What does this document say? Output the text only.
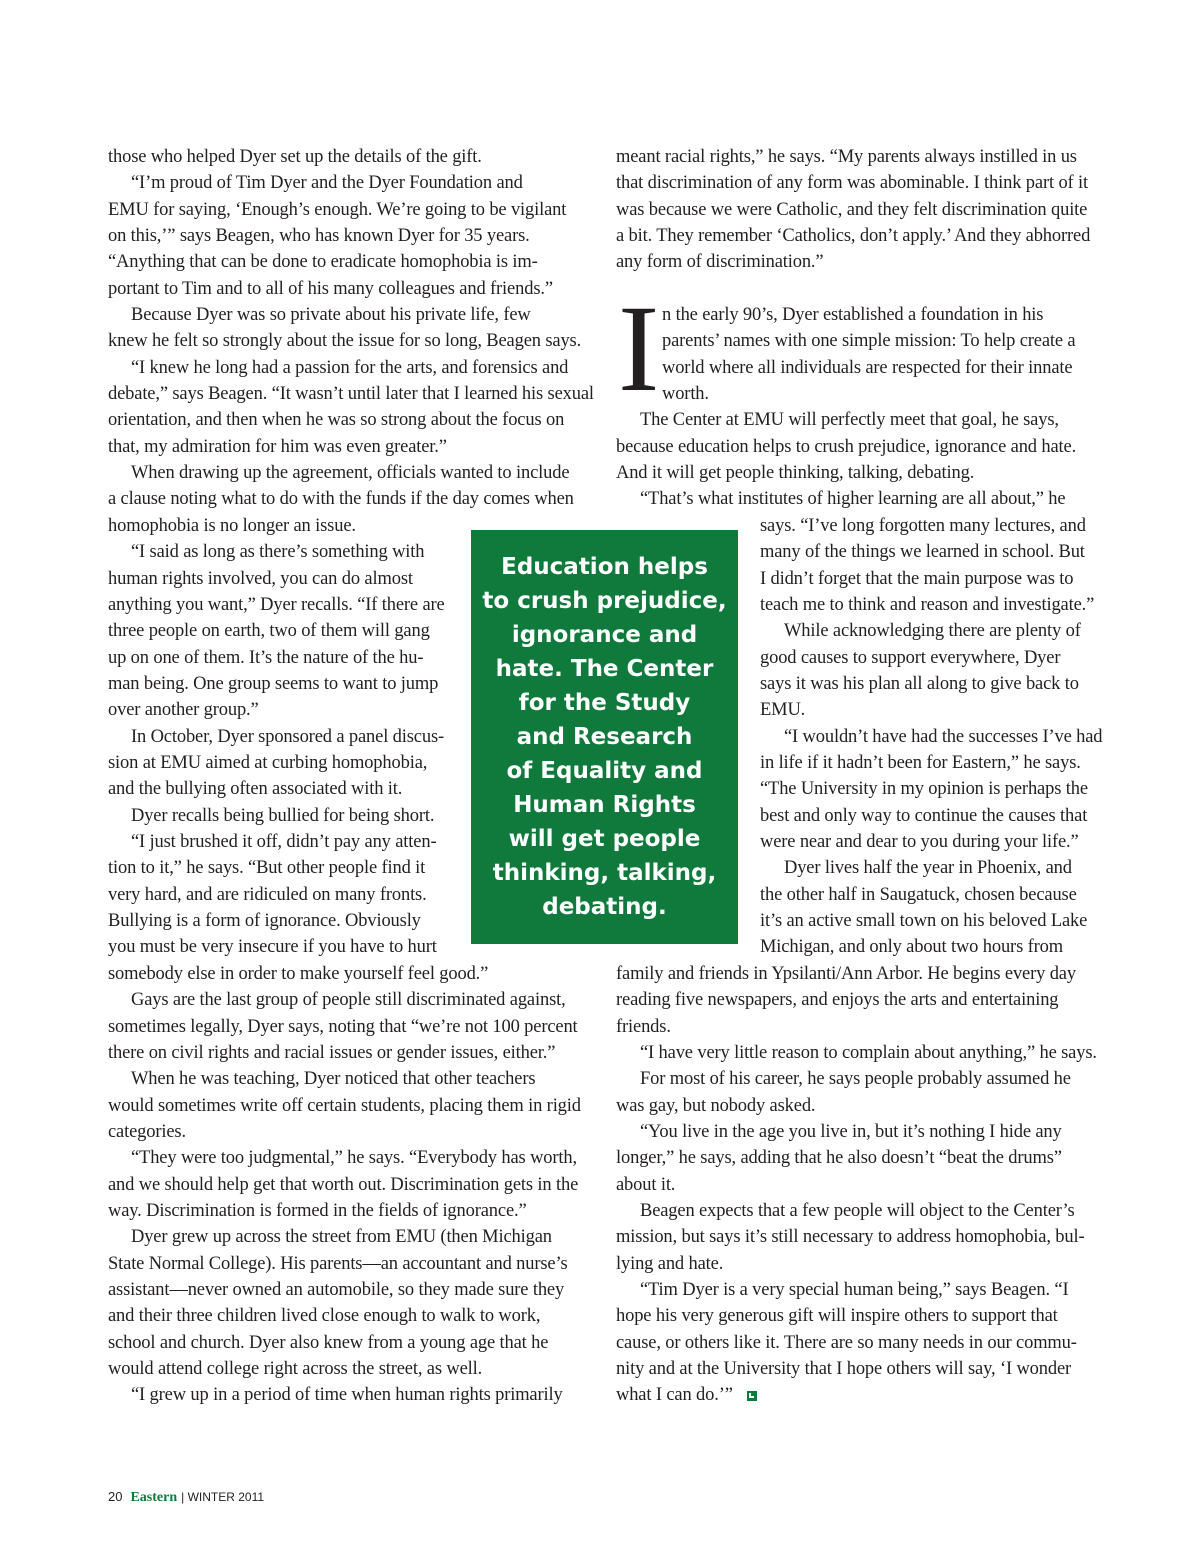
those who helped Dyer set up the details of the gift.
“I’m proud of Tim Dyer and the Dyer Foundation and
EMU for saying, ‘Enough’s enough. We’re going to be vigilant
on this,’” says Beagen, who has known Dyer for 35 years.
“Anything that can be done to eradicate homophobia is im-
portant to Tim and to all of his many colleagues and friends.”
Because Dyer was so private about his private life, few
knew he felt so strongly about the issue for so long, Beagen says.
“I knew he long had a passion for the arts, and forensics and
debate,” says Beagen. “It wasn’t until later that I learned his sexual
orientation, and then when he was so strong about the focus on
that, my admiration for him was even greater.”
When drawing up the agreement, officials wanted to include
a clause noting what to do with the funds if the day comes when
homophobia is no longer an issue.
“I said as long as there’s something with
human rights involved, you can do almost
anything you want,” Dyer recalls. “If there are
three people on earth, two of them will gang
up on one of them. It’s the nature of the hu-
man being. One group seems to want to jump
over another group.”
In October, Dyer sponsored a panel discus-
sion at EMU aimed at curbing homophobia,
and the bullying often associated with it.
Dyer recalls being bullied for being short.
“I just brushed it off, didn’t pay any atten-
tion to it,” he says. “But other people find it
very hard, and are ridiculed on many fronts.
Bullying is a form of ignorance. Obviously
you must be very insecure if you have to hurt
somebody else in order to make yourself feel good.”
Gays are the last group of people still discriminated against,
sometimes legally, Dyer says, noting that “we’re not 100 percent
there on civil rights and racial issues or gender issues, either.”
When he was teaching, Dyer noticed that other teachers
would sometimes write off certain students, placing them in rigid
categories.
“They were too judgmental,” he says. “Everybody has worth,
and we should help get that worth out. Discrimination gets in the
way. Discrimination is formed in the fields of ignorance.”
Dyer grew up across the street from EMU (then Michigan
State Normal College). His parents—an accountant and nurse’s
assistant—never owned an automobile, so they made sure they
and their three children lived close enough to walk to work,
school and church. Dyer also knew from a young age that he
would attend college right across the street, as well.
“I grew up in a period of time when human rights primarily
meant racial rights,” he says. “My parents always instilled in us
that discrimination of any form was abominable. I think part of it
was because we were Catholic, and they felt discrimination quite
a bit. They remember ‘Catholics, don’t apply.’ And they abhorred
any form of discrimination.”
I n the early 90’s, Dyer established a foundation in his
parents’ names with one simple mission: To help create a
world where all individuals are respected for their innate
worth.
The Center at EMU will perfectly meet that goal, he says,
because education helps to crush prejudice, ignorance and hate.
And it will get people thinking, talking, debating.
“That’s what institutes of higher learning are all about,” he
says. “I’ve long forgotten many lectures, and
many of the things we learned in school. But
I didn’t forget that the main purpose was to
teach me to think and reason and investigate.”
While acknowledging there are plenty of
good causes to support everywhere, Dyer
says it was his plan all along to give back to
EMU.
“I wouldn’t have had the successes I’ve had
in life if it hadn’t been for Eastern,” he says.
“The University in my opinion is perhaps the
best and only way to continue the causes that
were near and dear to you during your life.”
Dyer lives half the year in Phoenix, and
the other half in Saugatuck, chosen because
it’s an active small town on his beloved Lake
Michigan, and only about two hours from
family and friends in Ypsilanti/Ann Arbor. He begins every day
reading five newspapers, and enjoys the arts and entertaining
friends.
“I have very little reason to complain about anything,” he says.
For most of his career, he says people probably assumed he
was gay, but nobody asked.
“You live in the age you live in, but it’s nothing I hide any
longer,” he says, adding that he also doesn’t “beat the drums”
about it.
Beagen expects that a few people will object to the Center’s
mission, but says it’s still necessary to address homophobia, bul-
lying and hate.
“Tim Dyer is a very special human being,” says Beagen. “I
hope his very generous gift will inspire others to support that
cause, or others like it. There are so many needs in our commu-
nity and at the University that I hope others will say, ‘I wonder
what I can do.’”
Education helps
to crush prejudice,
ignorance and
hate. The Center
for the Study
and Research
of Equality and
Human Rights
will get people
thinking, talking,
debating.
20 Eastern | WINTER 2011
